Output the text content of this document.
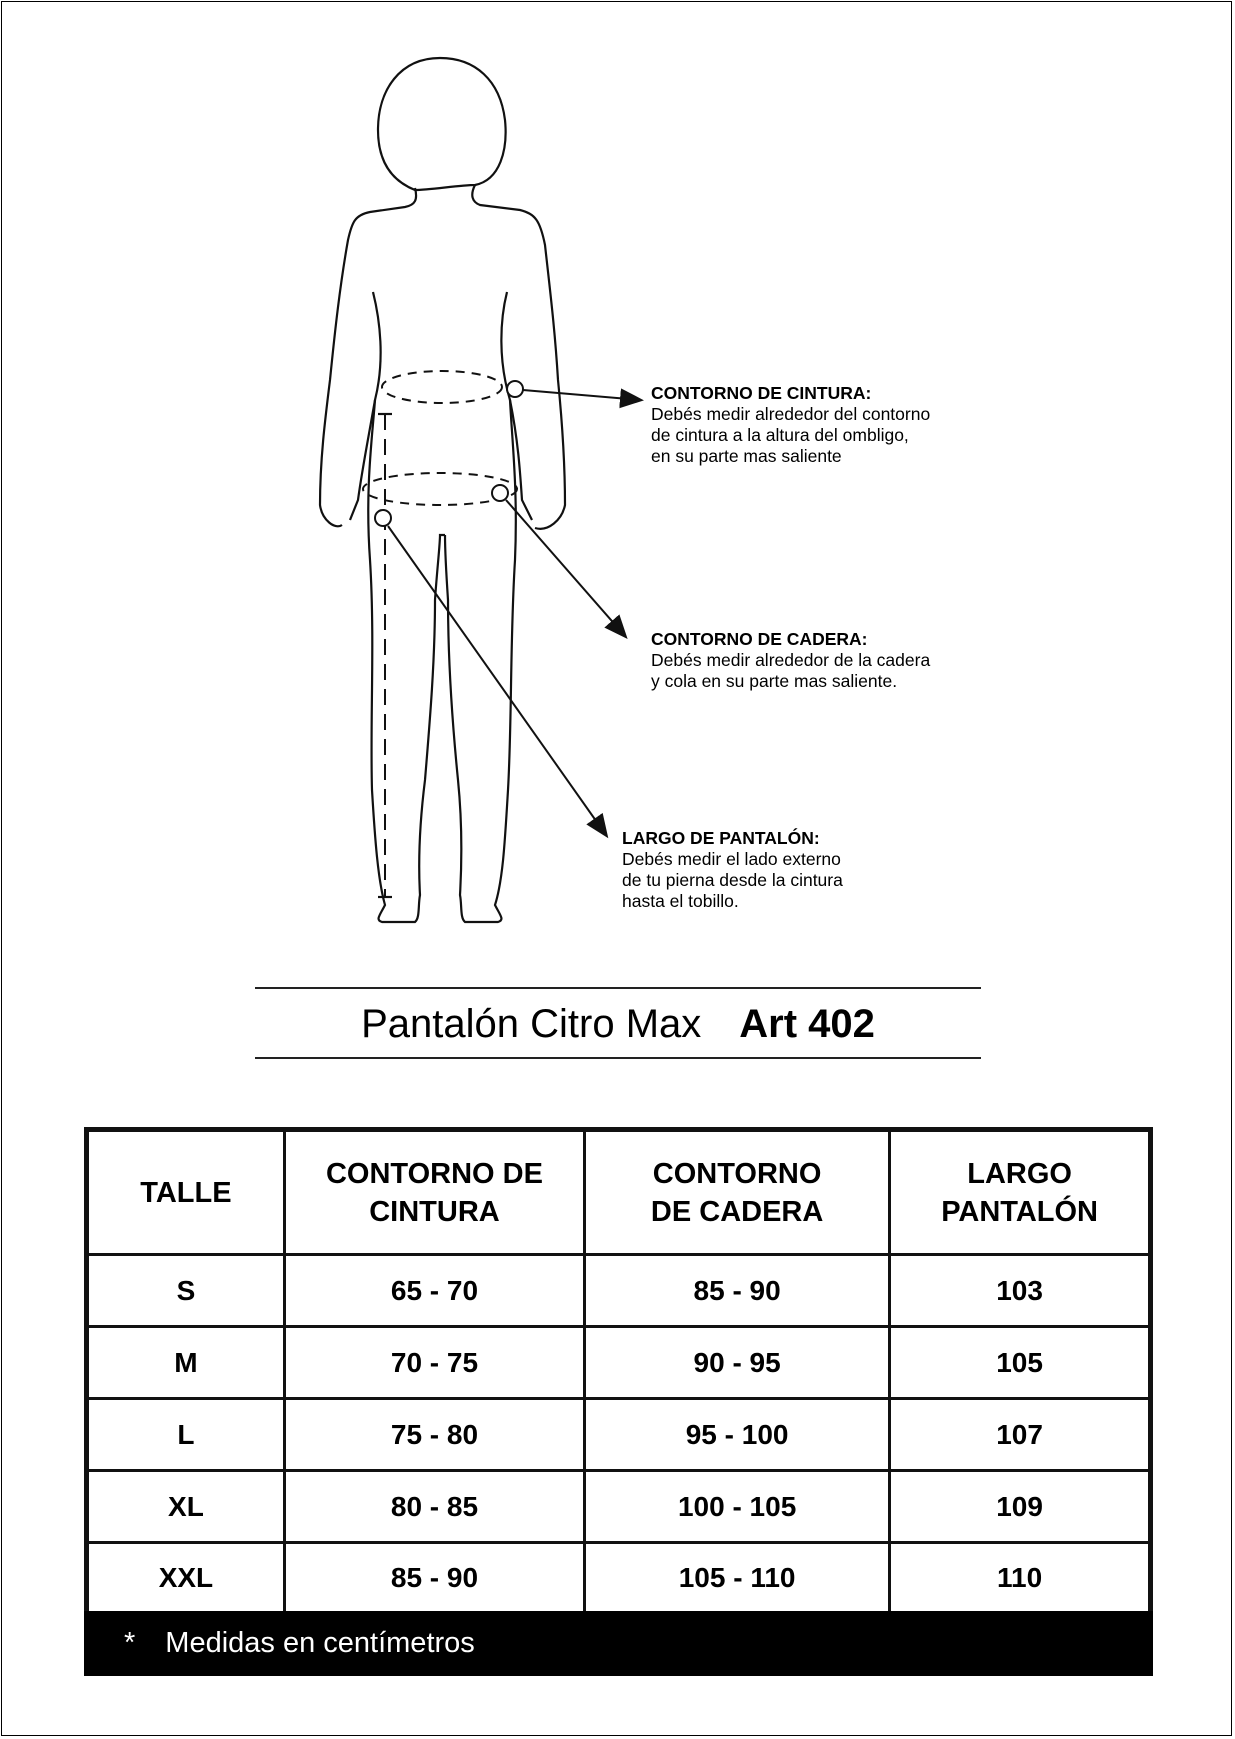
CONTORNO DE CINTURA:
Debés medir alrededor del contorno de cintura a la altura del ombligo, en su parte mas saliente
CONTORNO DE CADERA:
Debés medir alrededor de la cadera y cola en su parte mas saliente.
LARGO DE PANTALÓN:
Debés medir el lado externo de tu pierna desde la cintura hasta el tobillo.
Pantalón Citro Max Art 402
TALLE	CONTORNO DE CINTURA	CONTORNO DE CADERA	LARGO PANTALÓN
S	65 - 70	85 - 90	103
M	70 - 75	90 - 95	105
L	75 - 80	95 - 100	107
XL	80 - 85	100 - 105	109
XXL	85 - 90	105 - 110	110
* Medidas en centímetros
